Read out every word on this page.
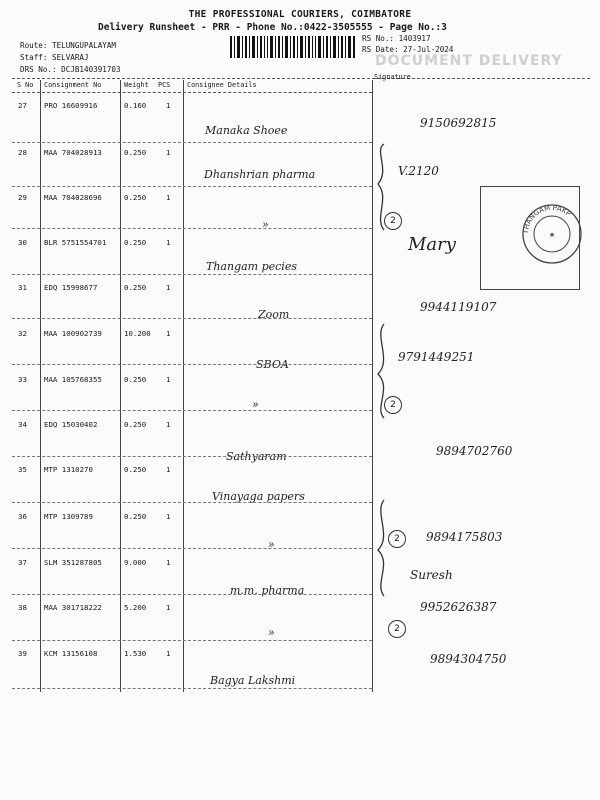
THE PROFESSIONAL COURIERS, COIMBATORE
Delivery Runsheet - PRR - Phone No.:0422-3505555 - Page No.:3
Route: TELUNGUPALAYAM
Staff: SELVARAJ
DRS No.: DCJB140391703
RS No.: 1403917
RS Date: 27-Jul-2024
DOCUMENT DELIVERY
S No Consignment No	Weight PCS Consignee Details
Signature
27 PRO 16609916	0.160	1
Manaka Shoee
9150692815
28 MAA 704028913	0.250	1
Dhanshrian pharma	V.2120
29 MAA 704028696	0.250	1
»
30 BLR 5751554701 0.250	1
Thangam pecies
Mary
31 EDQ 15998677	0.250	1
Zoom
9944119107
32 MAA 100902739	10.200 1
SBOA
9791449251
33 MAA 105768355	0.250	1
»
34 EDQ 15030402	0.250	1
Sathyaram	9894702760
35 MTP 1310270	0.250	1
Vinayaga papers
36 MTP 1309789	0.250	1
»
9894175803
37 SLM 351287805	9.000	1
m.m. pharma
Suresh
38 MAA 301718222	5.200	1
»
9952626387
39 KCM 13156108	1.530	1
Bagya Lakshmi
9894304750
2
2
2
2
THANGAM PAKP
★
